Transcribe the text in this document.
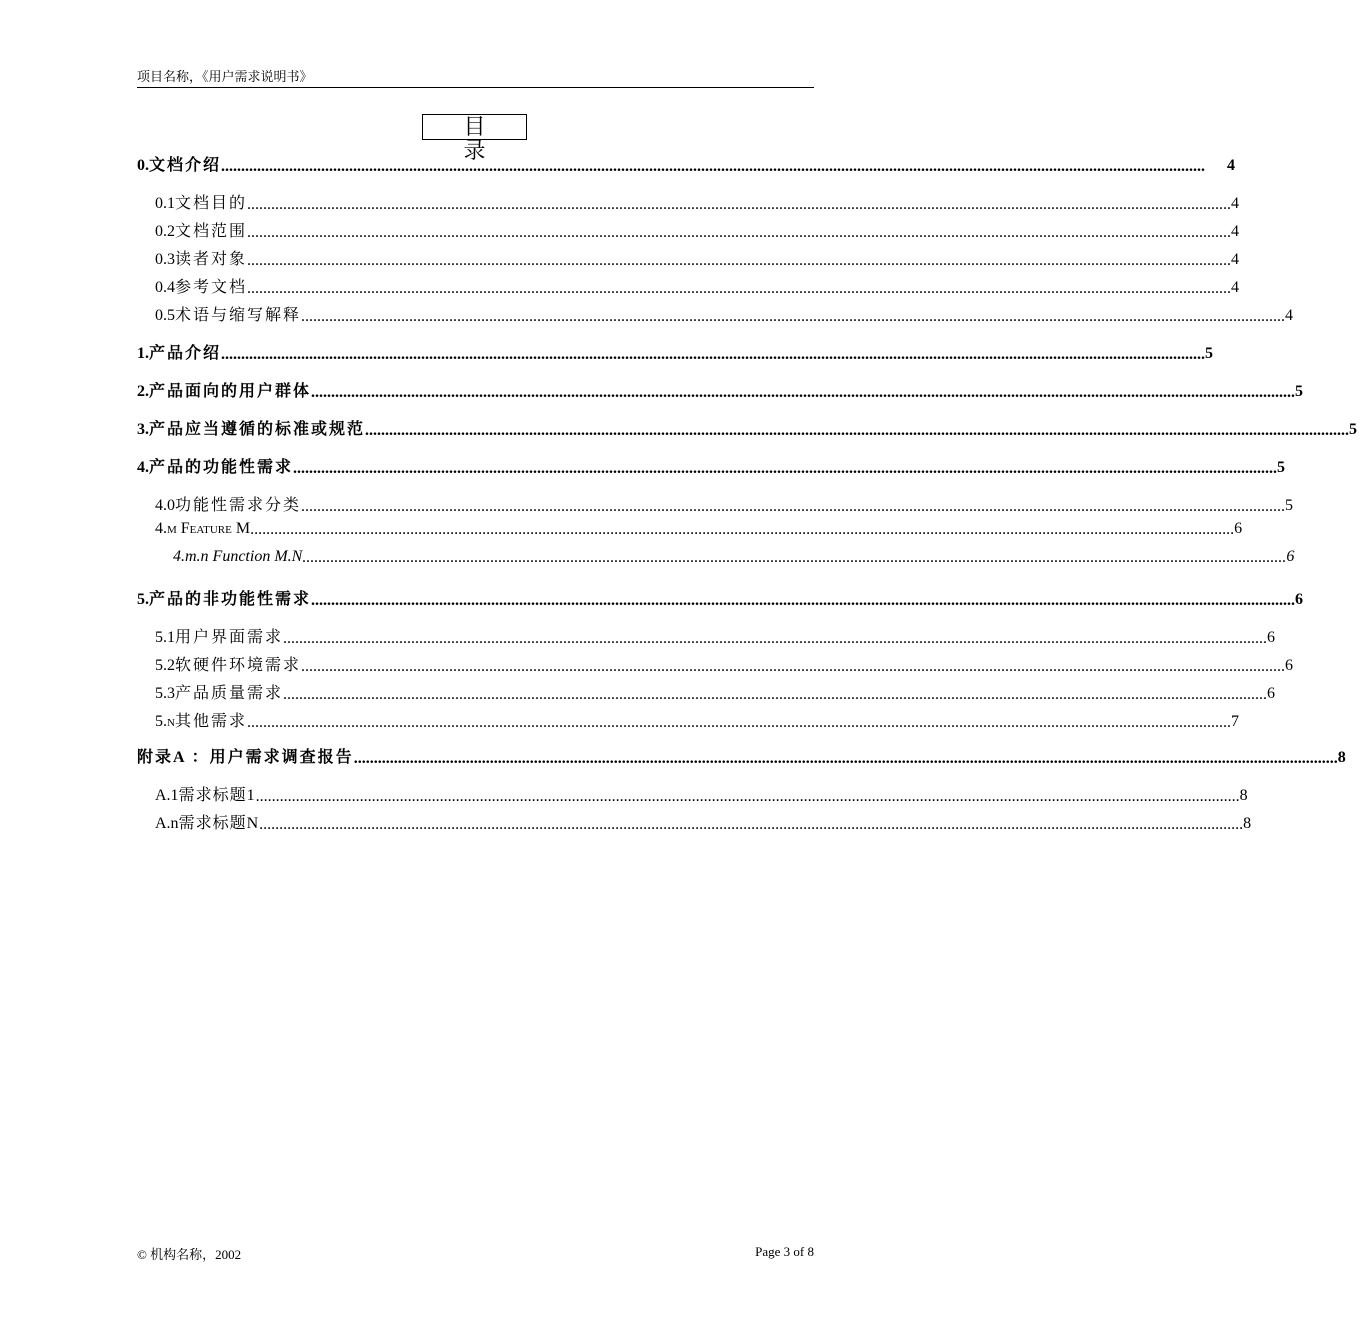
项目名称，《用户需求说明书》
目 录
0. 文档介绍 .....	4
0.1 文档目的 .....	4
0.2 文档范围 .....	4
0.3 读者对象 .....	4
0.4 参考文档 .....	4
0.5 术语与缩写解释 .....	4
1. 产品介绍 .....	5
2. 产品面向的用户群体 .....	5
3. 产品应当遵循的标准或规范 .....	5
4. 产品的功能性需求 .....	5
4.0 功能性需求分类 .....	5
4.m Feature M .....	6
4.m.n Function M.N .....	6
5. 产品的非功能性需求 .....	6
5.1 用户界面需求 .....	6
5.2 软硬件环境需求 .....	6
5.3 产品质量需求 .....	6
5.n 其他需求 .....	7
附录A ：用户需求调查报告 .....	8
A.1 需求标题1 .....	8
A.n 需求标题N .....	8
© 机构名称，2002	Page 3 of 8
